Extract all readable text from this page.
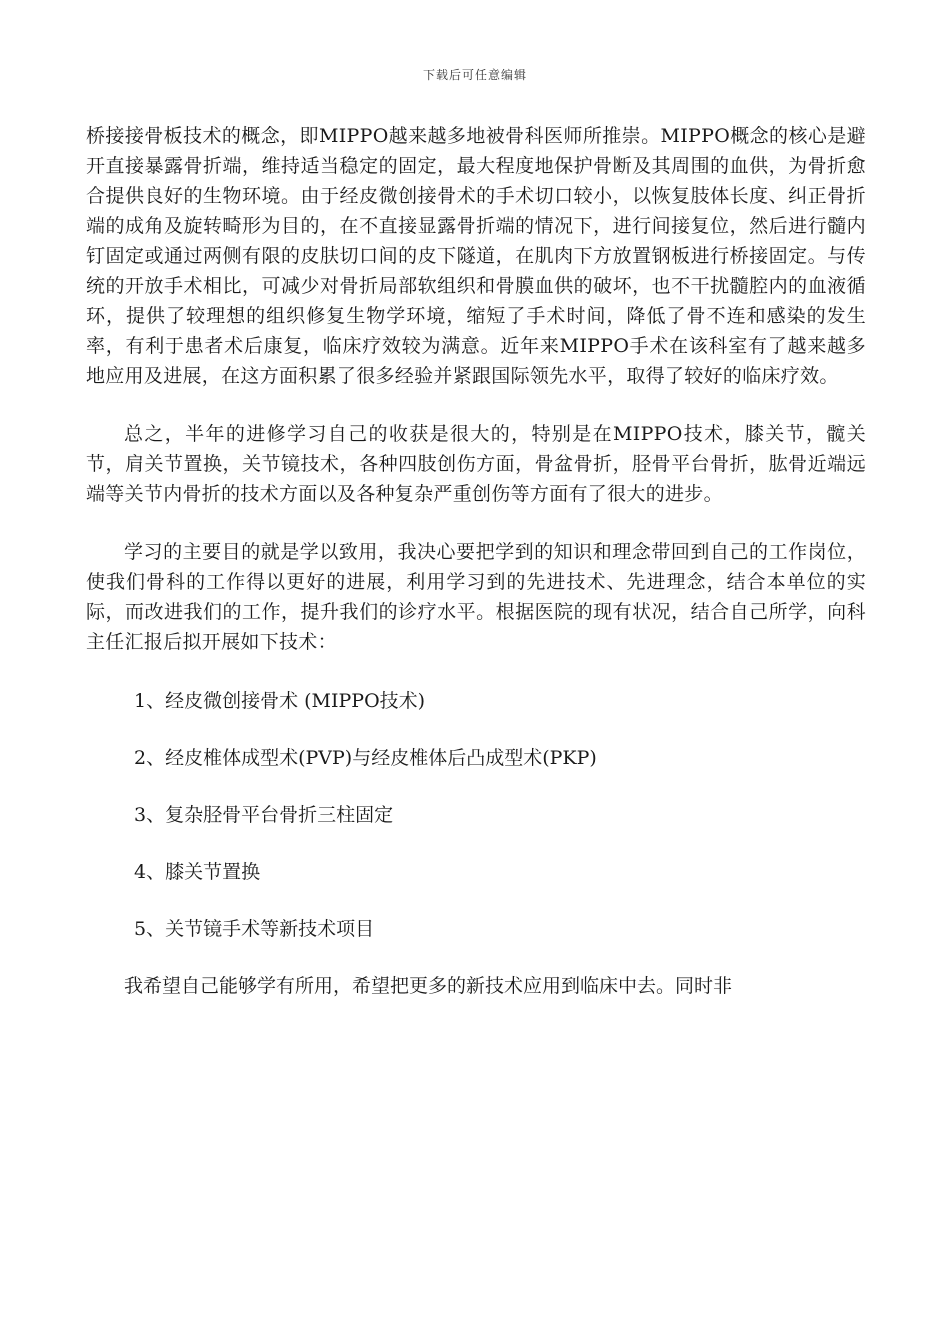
下载后可任意编辑

桥接接骨板技术的概念，即MIPPO越来越多地被骨科医师所推崇。MIPPO概念的核心是避开直接暴露骨折端，维持适当稳定的固定，最大程度地保护骨断及其周围的血供，为骨折愈合提供良好的生物环境。由于经皮微创接骨术的手术切口较小，以恢复肢体长度、纠正骨折端的成角及旋转畸形为目的，在不直接显露骨折端的情况下，进行间接复位，然后进行髓内钉固定或通过两侧有限的皮肤切口间的皮下隧道，在肌肉下方放置钢板进行桥接固定。与传统的开放手术相比，可减少对骨折局部软组织和骨膜血供的破坏，也不干扰髓腔内的血液循环，提供了较理想的组织修复生物学环境，缩短了手术时间，降低了骨不连和感染的发生率，有利于患者术后康复，临床疗效较为满意。近年来MIPPO手术在该科室有了越来越多地应用及进展，在这方面积累了很多经验并紧跟国际领先水平，取得了较好的临床疗效。

总之，半年的进修学习自己的收获是很大的，特别是在MIPPO技术，膝关节，髋关节，肩关节置换，关节镜技术，各种四肢创伤方面，骨盆骨折，胫骨平台骨折，肱骨近端远端等关节内骨折的技术方面以及各种复杂严重创伤等方面有了很大的进步。

学习的主要目的就是学以致用，我决心要把学到的知识和理念带回到自己的工作岗位，使我们骨科的工作得以更好的进展，利用学习到的先进技术、先进理念，结合本单位的实际，而改进我们的工作，提升我们的诊疗水平。根据医院的现有状况，结合自己所学，向科主任汇报后拟开展如下技术：

1、经皮微创接骨术 (MIPPO技术)

2、经皮椎体成型术(PVP)与经皮椎体后凸成型术(PKP)

3、复杂胫骨平台骨折三柱固定

4、膝关节置换

5、关节镜手术等新技术项目

我希望自己能够学有所用，希望把更多的新技术应用到临床中去。同时非
